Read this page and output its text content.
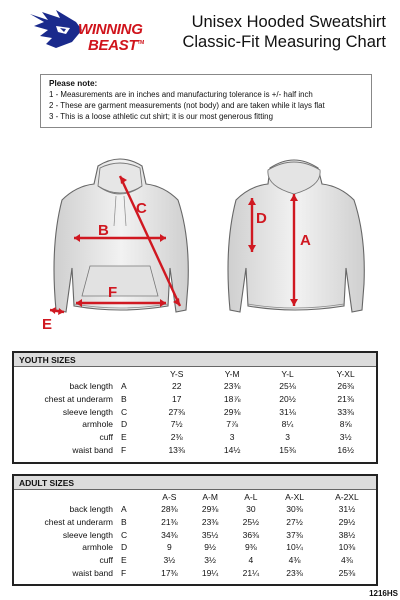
WINNING
BEAST™
Unisex Hooded Sweatshirt
Classic-Fit Measuring Chart
Please note:
1 - Measurements are in inches and manufacturing tolerance is +/- half inch
2 - These are garment measurements (not body) and are taken while it lays flat
3 - This is a loose athletic cut shirt; it is our most generous fitting
B
C
F
E
D
A
YOUTH SIZES
		Y-S	Y-M	Y-L	Y-XL
back length	A	22	23⅜	25⅛	26⅜
chest at underarm	B	17	18⅞	20½	21⅜
sleeve length	C	27⅜	29⅜	31⅛	33⅜
armhole	D	7½	7⅞	8¼	8⅝
cuff	E	2⅜	3	3	3½
waist band	F	13⅜	14½	15⅜	16½
ADULT SIZES
		A-S	A-M	A-L	A-XL	A-2XL
back length	A	28⅜	29⅜	30	30⅜	31½
chest at underarm	B	21⅜	23⅜	25½	27½	29½
sleeve length	C	34⅜	35½	36⅜	37⅜	38½
armhole	D	9	9½	9⅜	10¼	10⅜
cuff	E	3½	3½	4	4⅜	4⅜
waist band	F	17⅜	19¼	21¼	23⅜	25⅜
1216HS
